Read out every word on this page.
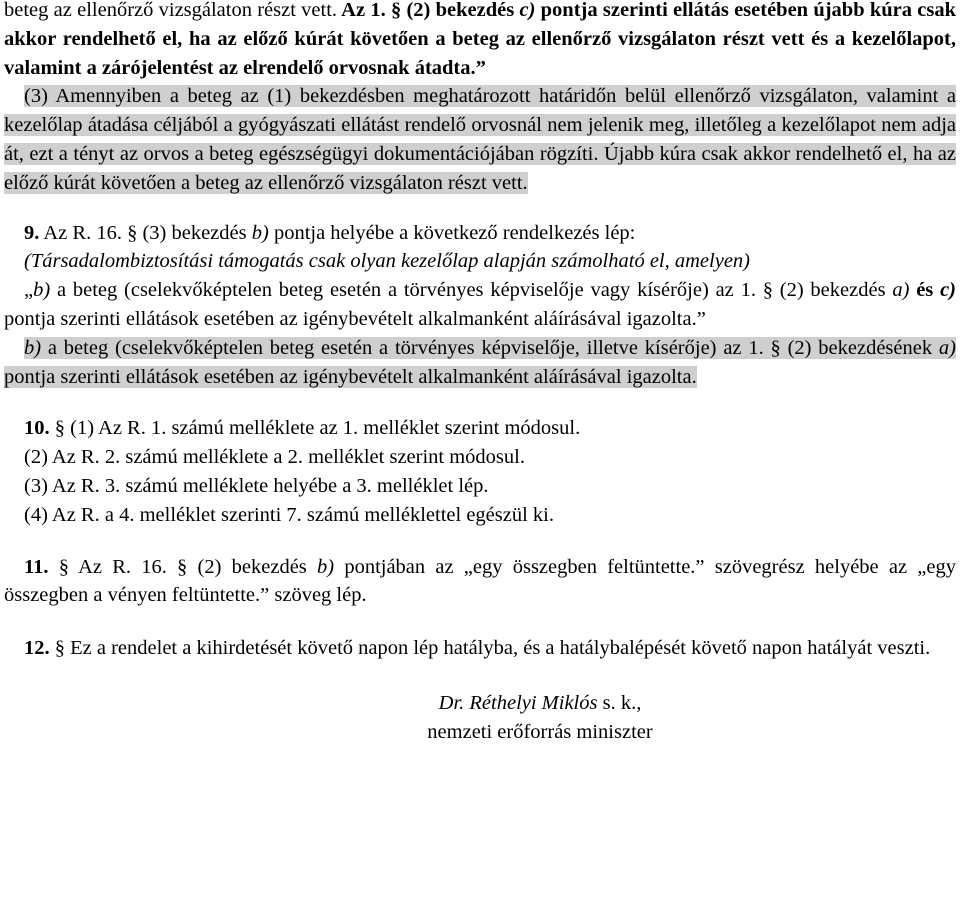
beteg az ellenőrző vizsgálaton részt vett. Az 1. § (2) bekezdés c) pontja szerinti ellátás esetében újabb kúra csak akkor rendelhető el, ha az előző kúrát követően a beteg az ellenőrző vizsgálaton részt vett és a kezelőlapot, valamint a zárójelentést az elrendelő orvosnak átadta.”

(3) Amennyiben a beteg az (1) bekezdésben meghatározott határidőn belül ellenőrző vizsgálaton, valamint a kezelőlap átadása céljából a gyógyászati ellátást rendelő orvosnál nem jelenik meg, illetőleg a kezelőlapot nem adja át, ezt a tényt az orvos a beteg egészségügyi dokumentációjában rögzíti. Újabb kúra csak akkor rendelhető el, ha az előző kúrát követően a beteg az ellenőrző vizsgálaton részt vett.

9. Az R. 16. § (3) bekezdés b) pontja helyébe a következő rendelkezés lép:

(Társadalombiztosítási támogatás csak olyan kezelőlap alapján számolható el, amelyen)

„b) a beteg (cselekvőképtelen beteg esetén a törvényes képviselője vagy kísérője) az 1. § (2) bekezdés a) és c) pontja szerinti ellátások esetében az igénybevételt alkalmanként aláírásával igazolta.”

b) a beteg (cselekvőképtelen beteg esetén a törvényes képviselője, illetve kísérője) az 1. § (2) bekezdésének a) pontja szerinti ellátások esetében az igénybevételt alkalmanként aláírásával igazolta.

10. § (1) Az R. 1. számú melléklete az 1. melléklet szerint módosul.

(2) Az R. 2. számú melléklete a 2. melléklet szerint módosul.

(3) Az R. 3. számú melléklete helyébe a 3. melléklet lép.

(4) Az R. a 4. melléklet szerinti 7. számú melléklettel egészül ki.

11. § Az R. 16. § (2) bekezdés b) pontjában az „egy összegben feltüntette.” szövegrész helyébe az „egy összegben a vényen feltüntette.” szöveg lép.

12. § Ez a rendelet a kihirdetését követő napon lép hatályba, és a hatálybalépését követő napon hatályát veszti.

Dr. Réthelyi Miklós s. k.,

nemzeti erőforrás miniszter
